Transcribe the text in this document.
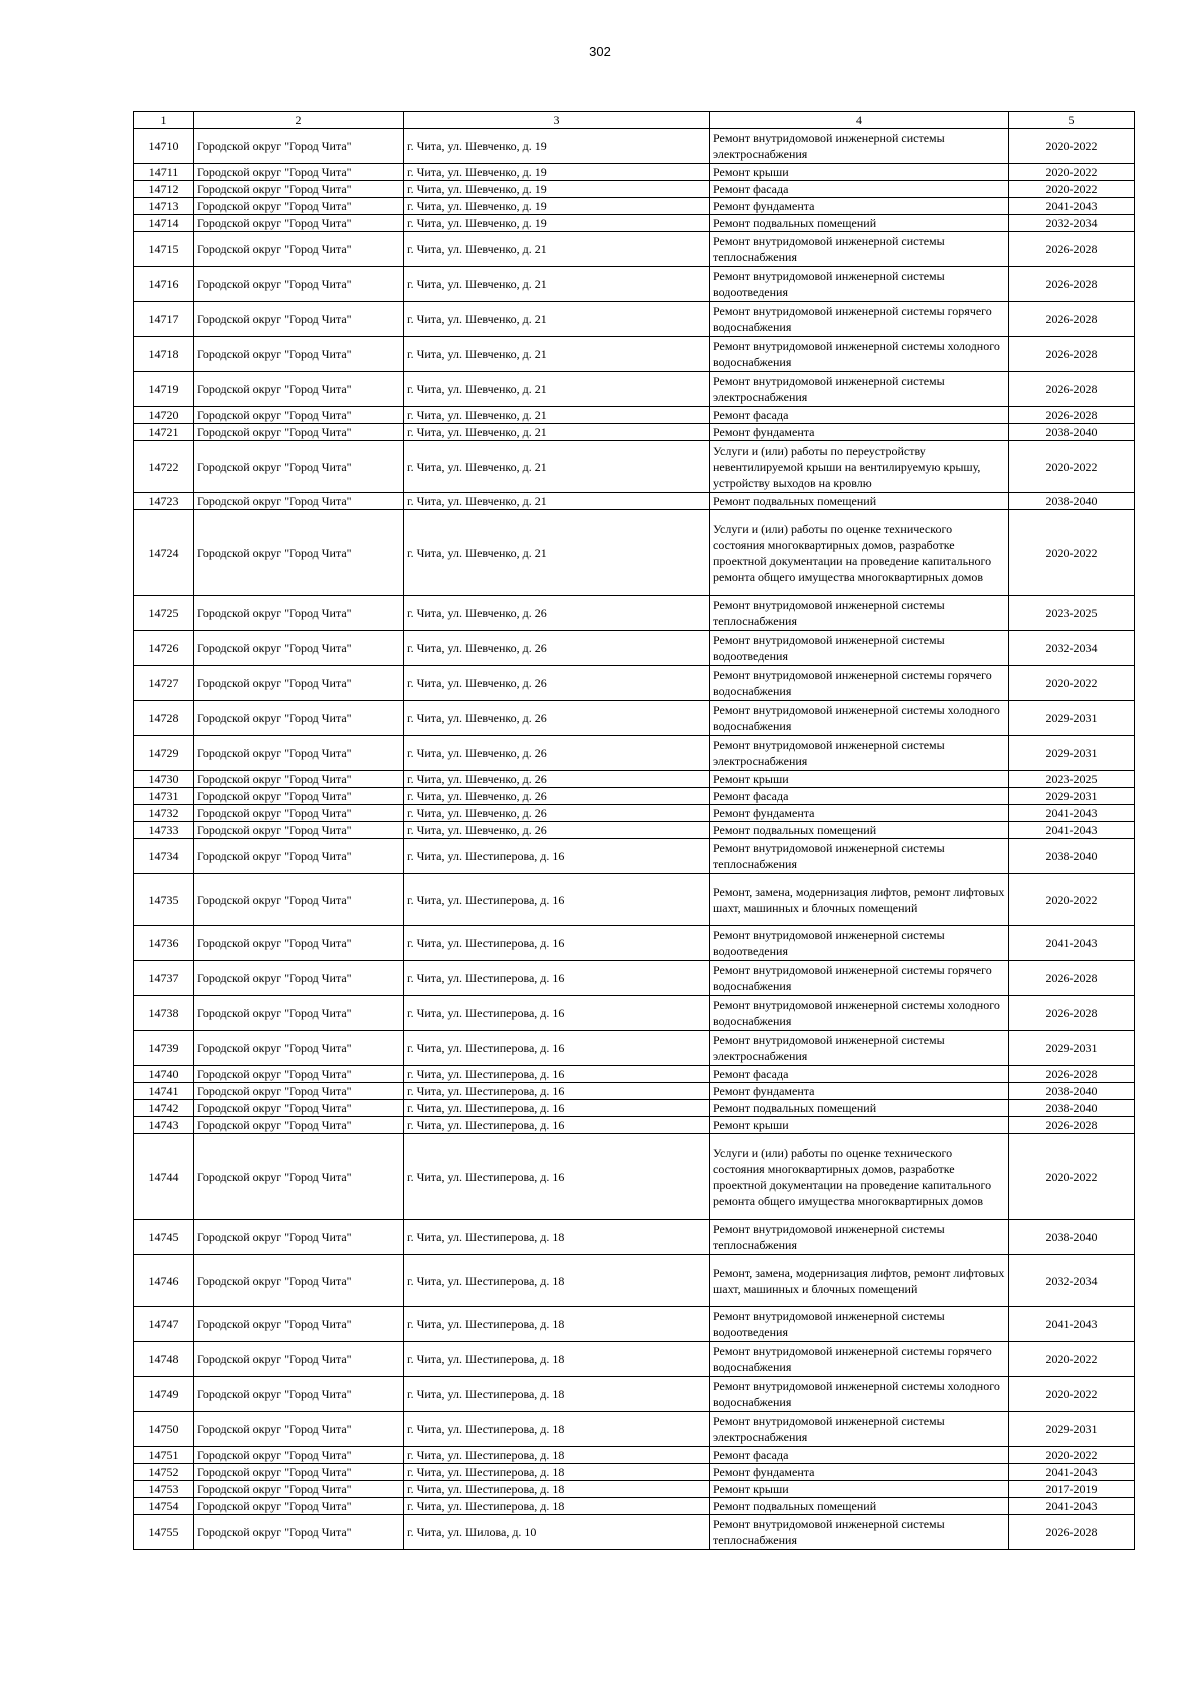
302
1	2	3	4	5
14710	Городской округ "Город Чита"	г. Чита, ул. Шевченко, д. 19	Ремонт внутридомовой инженерной системы электроснабжения	2020-2022
14711	Городской округ "Город Чита"	г. Чита, ул. Шевченко, д. 19	Ремонт крыши	2020-2022
14712	Городской округ "Город Чита"	г. Чита, ул. Шевченко, д. 19	Ремонт фасада	2020-2022
14713	Городской округ "Город Чита"	г. Чита, ул. Шевченко, д. 19	Ремонт фундамента	2041-2043
14714	Городской округ "Город Чита"	г. Чита, ул. Шевченко, д. 19	Ремонт подвальных помещений	2032-2034
14715	Городской округ "Город Чита"	г. Чита, ул. Шевченко, д. 21	Ремонт внутридомовой инженерной системы теплоснабжения	2026-2028
14716	Городской округ "Город Чита"	г. Чита, ул. Шевченко, д. 21	Ремонт внутридомовой инженерной системы водоотведения	2026-2028
14717	Городской округ "Город Чита"	г. Чита, ул. Шевченко, д. 21	Ремонт внутридомовой инженерной системы горячего водоснабжения	2026-2028
14718	Городской округ "Город Чита"	г. Чита, ул. Шевченко, д. 21	Ремонт внутридомовой инженерной системы холодного водоснабжения	2026-2028
14719	Городской округ "Город Чита"	г. Чита, ул. Шевченко, д. 21	Ремонт внутридомовой инженерной системы электроснабжения	2026-2028
14720	Городской округ "Город Чита"	г. Чита, ул. Шевченко, д. 21	Ремонт фасада	2026-2028
14721	Городской округ "Город Чита"	г. Чита, ул. Шевченко, д. 21	Ремонт фундамента	2038-2040
14722	Городской округ "Город Чита"	г. Чита, ул. Шевченко, д. 21	Услуги и (или) работы по переустройству невентилируемой крыши на вентилируемую крышу, устройству выходов на кровлю	2020-2022
14723	Городской округ "Город Чита"	г. Чита, ул. Шевченко, д. 21	Ремонт подвальных помещений	2038-2040
14724	Городской округ "Город Чита"	г. Чита, ул. Шевченко, д. 21	Услуги и (или) работы по оценке технического состояния многоквартирных домов, разработке проектной документации на проведение капитального ремонта общего имущества многоквартирных домов	2020-2022
14725	Городской округ "Город Чита"	г. Чита, ул. Шевченко, д. 26	Ремонт внутридомовой инженерной системы теплоснабжения	2023-2025
14726	Городской округ "Город Чита"	г. Чита, ул. Шевченко, д. 26	Ремонт внутридомовой инженерной системы водоотведения	2032-2034
14727	Городской округ "Город Чита"	г. Чита, ул. Шевченко, д. 26	Ремонт внутридомовой инженерной системы горячего водоснабжения	2020-2022
14728	Городской округ "Город Чита"	г. Чита, ул. Шевченко, д. 26	Ремонт внутридомовой инженерной системы холодного водоснабжения	2029-2031
14729	Городской округ "Город Чита"	г. Чита, ул. Шевченко, д. 26	Ремонт внутридомовой инженерной системы электроснабжения	2029-2031
14730	Городской округ "Город Чита"	г. Чита, ул. Шевченко, д. 26	Ремонт крыши	2023-2025
14731	Городской округ "Город Чита"	г. Чита, ул. Шевченко, д. 26	Ремонт фасада	2029-2031
14732	Городской округ "Город Чита"	г. Чита, ул. Шевченко, д. 26	Ремонт фундамента	2041-2043
14733	Городской округ "Город Чита"	г. Чита, ул. Шевченко, д. 26	Ремонт подвальных помещений	2041-2043
14734	Городской округ "Город Чита"	г. Чита, ул. Шестиперова, д. 16	Ремонт внутридомовой инженерной системы теплоснабжения	2038-2040
14735	Городской округ "Город Чита"	г. Чита, ул. Шестиперова, д. 16	Ремонт, замена, модернизация лифтов, ремонт лифтовых шахт, машинных и блочных помещений	2020-2022
14736	Городской округ "Город Чита"	г. Чита, ул. Шестиперова, д. 16	Ремонт внутридомовой инженерной системы водоотведения	2041-2043
14737	Городской округ "Город Чита"	г. Чита, ул. Шестиперова, д. 16	Ремонт внутридомовой инженерной системы горячего водоснабжения	2026-2028
14738	Городской округ "Город Чита"	г. Чита, ул. Шестиперова, д. 16	Ремонт внутридомовой инженерной системы холодного водоснабжения	2026-2028
14739	Городской округ "Город Чита"	г. Чита, ул. Шестиперова, д. 16	Ремонт внутридомовой инженерной системы электроснабжения	2029-2031
14740	Городской округ "Город Чита"	г. Чита, ул. Шестиперова, д. 16	Ремонт фасада	2026-2028
14741	Городской округ "Город Чита"	г. Чита, ул. Шестиперова, д. 16	Ремонт фундамента	2038-2040
14742	Городской округ "Город Чита"	г. Чита, ул. Шестиперова, д. 16	Ремонт подвальных помещений	2038-2040
14743	Городской округ "Город Чита"	г. Чита, ул. Шестиперова, д. 16	Ремонт крыши	2026-2028
14744	Городской округ "Город Чита"	г. Чита, ул. Шестиперова, д. 16	Услуги и (или) работы по оценке технического состояния многоквартирных домов, разработке проектной документации на проведение капитального ремонта общего имущества многоквартирных домов	2020-2022
14745	Городской округ "Город Чита"	г. Чита, ул. Шестиперова, д. 18	Ремонт внутридомовой инженерной системы теплоснабжения	2038-2040
14746	Городской округ "Город Чита"	г. Чита, ул. Шестиперова, д. 18	Ремонт, замена, модернизация лифтов, ремонт лифтовых шахт, машинных и блочных помещений	2032-2034
14747	Городской округ "Город Чита"	г. Чита, ул. Шестиперова, д. 18	Ремонт внутридомовой инженерной системы водоотведения	2041-2043
14748	Городской округ "Город Чита"	г. Чита, ул. Шестиперова, д. 18	Ремонт внутридомовой инженерной системы горячего водоснабжения	2020-2022
14749	Городской округ "Город Чита"	г. Чита, ул. Шестиперова, д. 18	Ремонт внутридомовой инженерной системы холодного водоснабжения	2020-2022
14750	Городской округ "Город Чита"	г. Чита, ул. Шестиперова, д. 18	Ремонт внутридомовой инженерной системы электроснабжения	2029-2031
14751	Городской округ "Город Чита"	г. Чита, ул. Шестиперова, д. 18	Ремонт фасада	2020-2022
14752	Городской округ "Город Чита"	г. Чита, ул. Шестиперова, д. 18	Ремонт фундамента	2041-2043
14753	Городской округ "Город Чита"	г. Чита, ул. Шестиперова, д. 18	Ремонт крыши	2017-2019
14754	Городской округ "Город Чита"	г. Чита, ул. Шестиперова, д. 18	Ремонт подвальных помещений	2041-2043
14755	Городской округ "Город Чита"	г. Чита, ул. Шилова, д. 10	Ремонт внутридомовой инженерной системы теплоснабжения	2026-2028
